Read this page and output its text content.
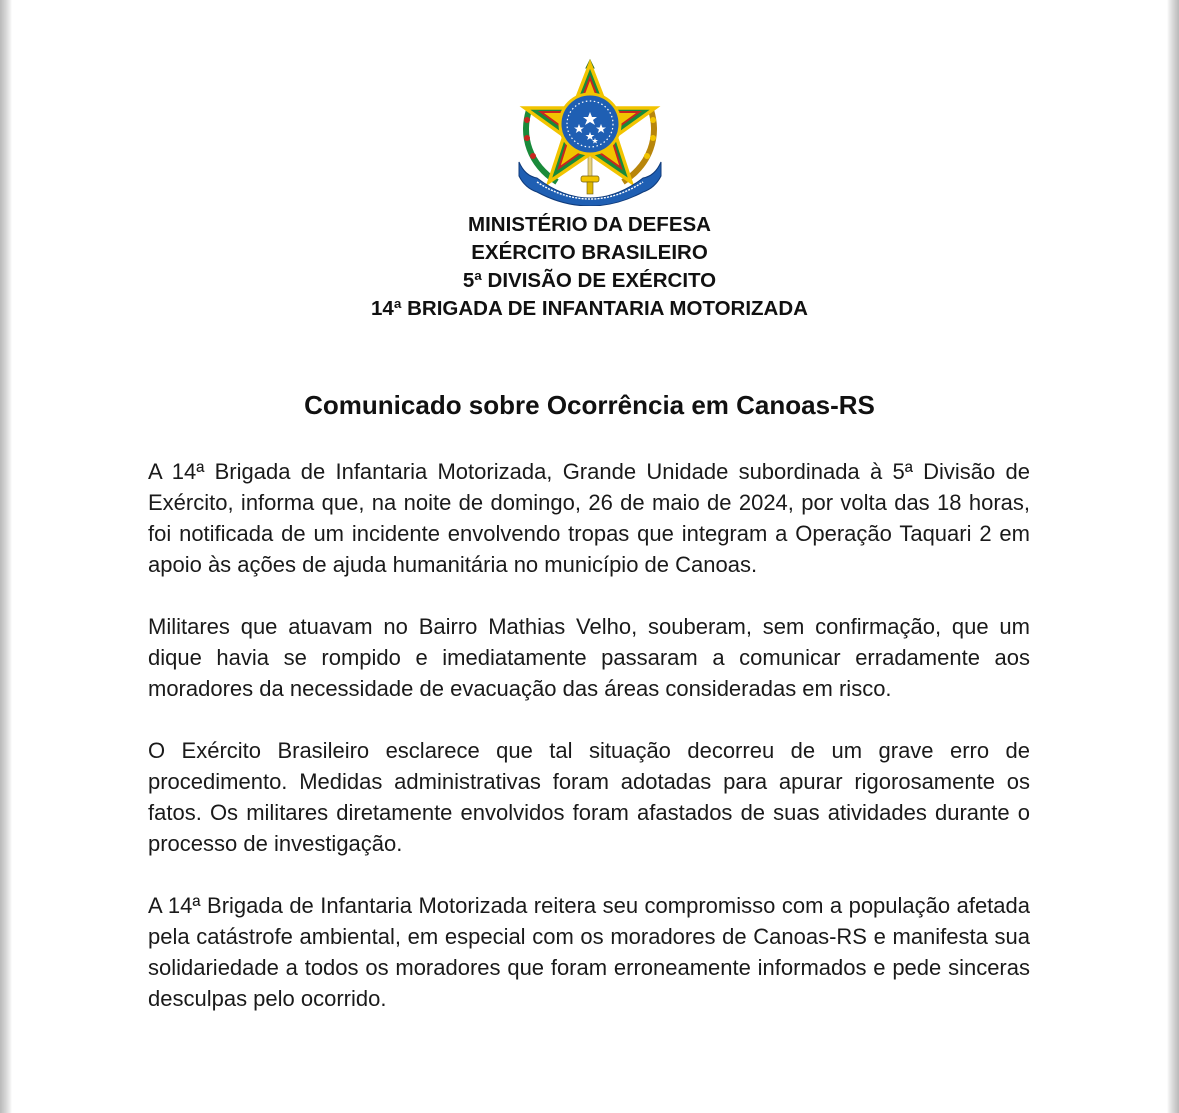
MINISTÉRIO DA DEFESA
EXÉRCITO BRASILEIRO
5ª DIVISÃO DE EXÉRCITO
14ª BRIGADA DE INFANTARIA MOTORIZADA
Comunicado sobre Ocorrência em Canoas-RS
A 14ª Brigada de Infantaria Motorizada, Grande Unidade subordinada à 5ª Divisão de Exército, informa que, na noite de domingo, 26 de maio de 2024, por volta das 18 horas, foi notificada de um incidente envolvendo tropas que integram a Operação Taquari 2 em apoio às ações de ajuda humanitária no município de Canoas.
Militares que atuavam no Bairro Mathias Velho, souberam, sem confirmação, que um dique havia se rompido e imediatamente passaram a comunicar erradamente aos moradores da necessidade de evacuação das áreas consideradas em risco.
O Exército Brasileiro esclarece que tal situação decorreu de um grave erro de procedimento. Medidas administrativas foram adotadas para apurar rigorosamente os fatos. Os militares diretamente envolvidos foram afastados de suas atividades durante o processo de investigação.
A 14ª Brigada de Infantaria Motorizada reitera seu compromisso com a população afetada pela catástrofe ambiental, em especial com os moradores de Canoas-RS e manifesta sua solidariedade a todos os moradores que foram erroneamente informados e pede sinceras desculpas pelo ocorrido.
